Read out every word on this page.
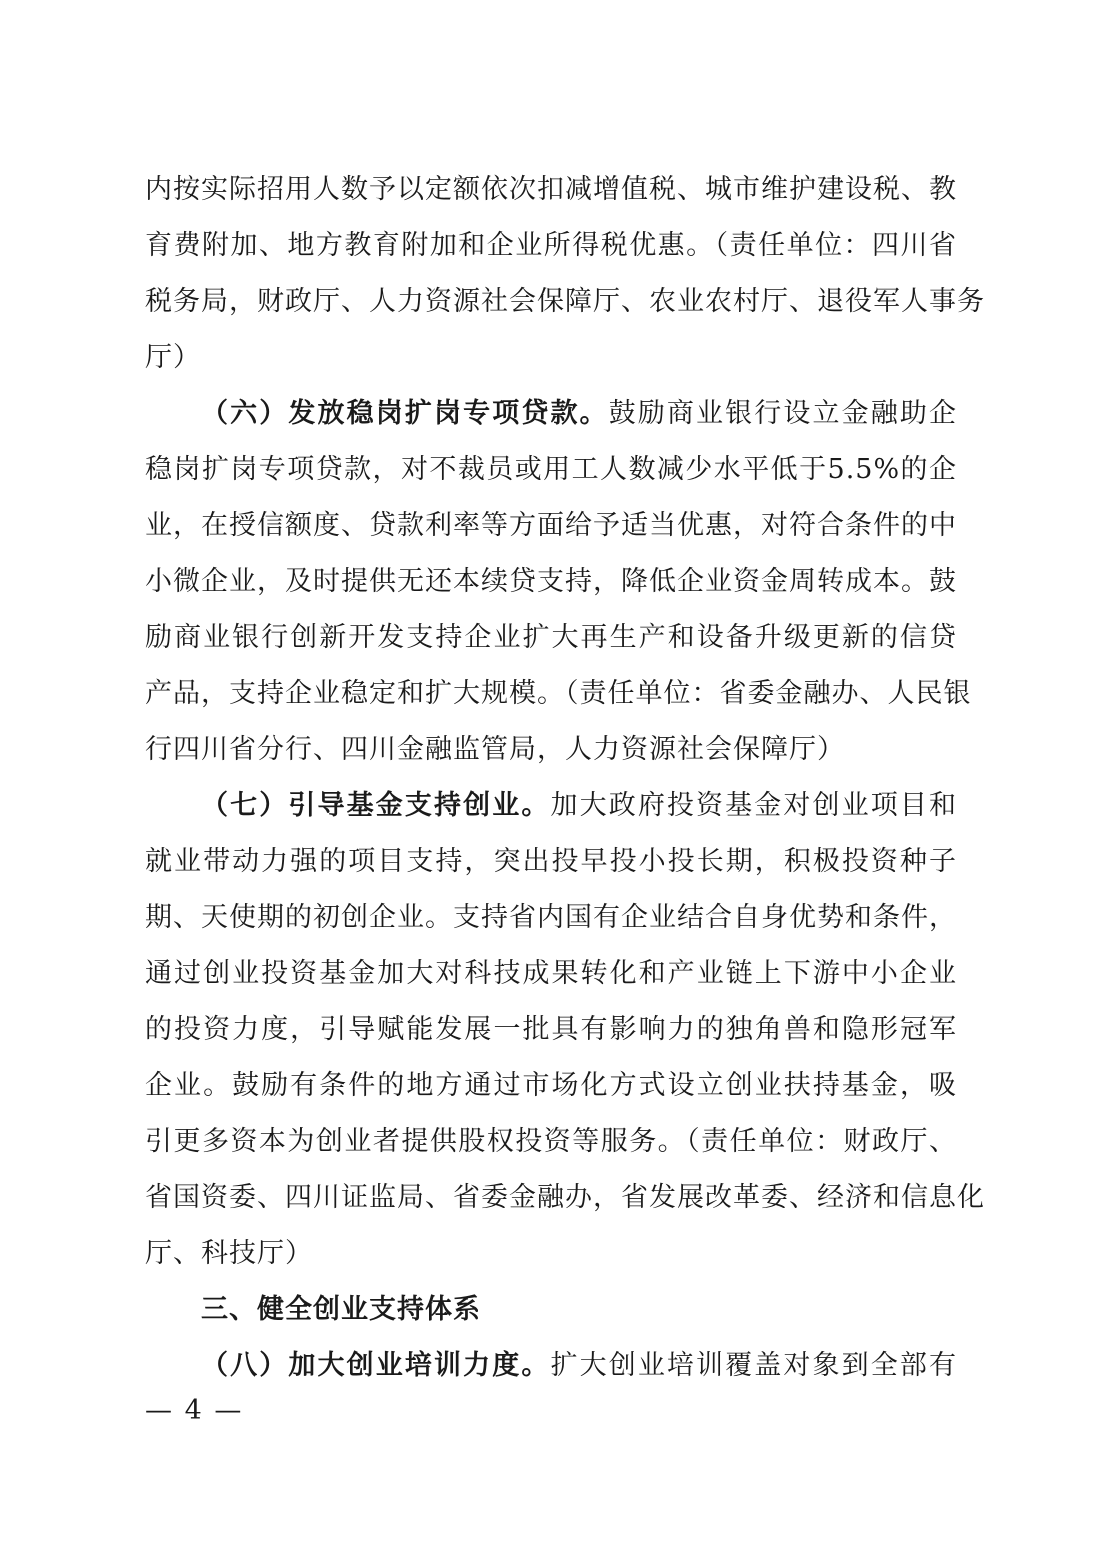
内按实际招用人数予以定额依次扣减增值税、城市维护建设税、教
育费附加、地方教育附加和企业所得税优惠。（责任单位：四川省
税务局，财政厅、人力资源社会保障厅、农业农村厅、退役军人事务
厅）
（六）发放稳岗扩岗专项贷款。鼓励商业银行设立金融助企
稳岗扩岗专项贷款，对不裁员或用工人数减少水平低于5.5%的企
业，在授信额度、贷款利率等方面给予适当优惠，对符合条件的中
小微企业，及时提供无还本续贷支持，降低企业资金周转成本。鼓
励商业银行创新开发支持企业扩大再生产和设备升级更新的信贷
产品，支持企业稳定和扩大规模。（责任单位：省委金融办、人民银
行四川省分行、四川金融监管局，人力资源社会保障厅）
（七）引导基金支持创业。加大政府投资基金对创业项目和
就业带动力强的项目支持，突出投早投小投长期，积极投资种子
期、天使期的初创企业。支持省内国有企业结合自身优势和条件，
通过创业投资基金加大对科技成果转化和产业链上下游中小企业
的投资力度，引导赋能发展一批具有影响力的独角兽和隐形冠军
企业。鼓励有条件的地方通过市场化方式设立创业扶持基金，吸
引更多资本为创业者提供股权投资等服务。（责任单位：财政厅、
省国资委、四川证监局、省委金融办，省发展改革委、经济和信息化
厅、科技厅）
三、健全创业支持体系
（八）加大创业培训力度。扩大创业培训覆盖对象到全部有
— 4 —
